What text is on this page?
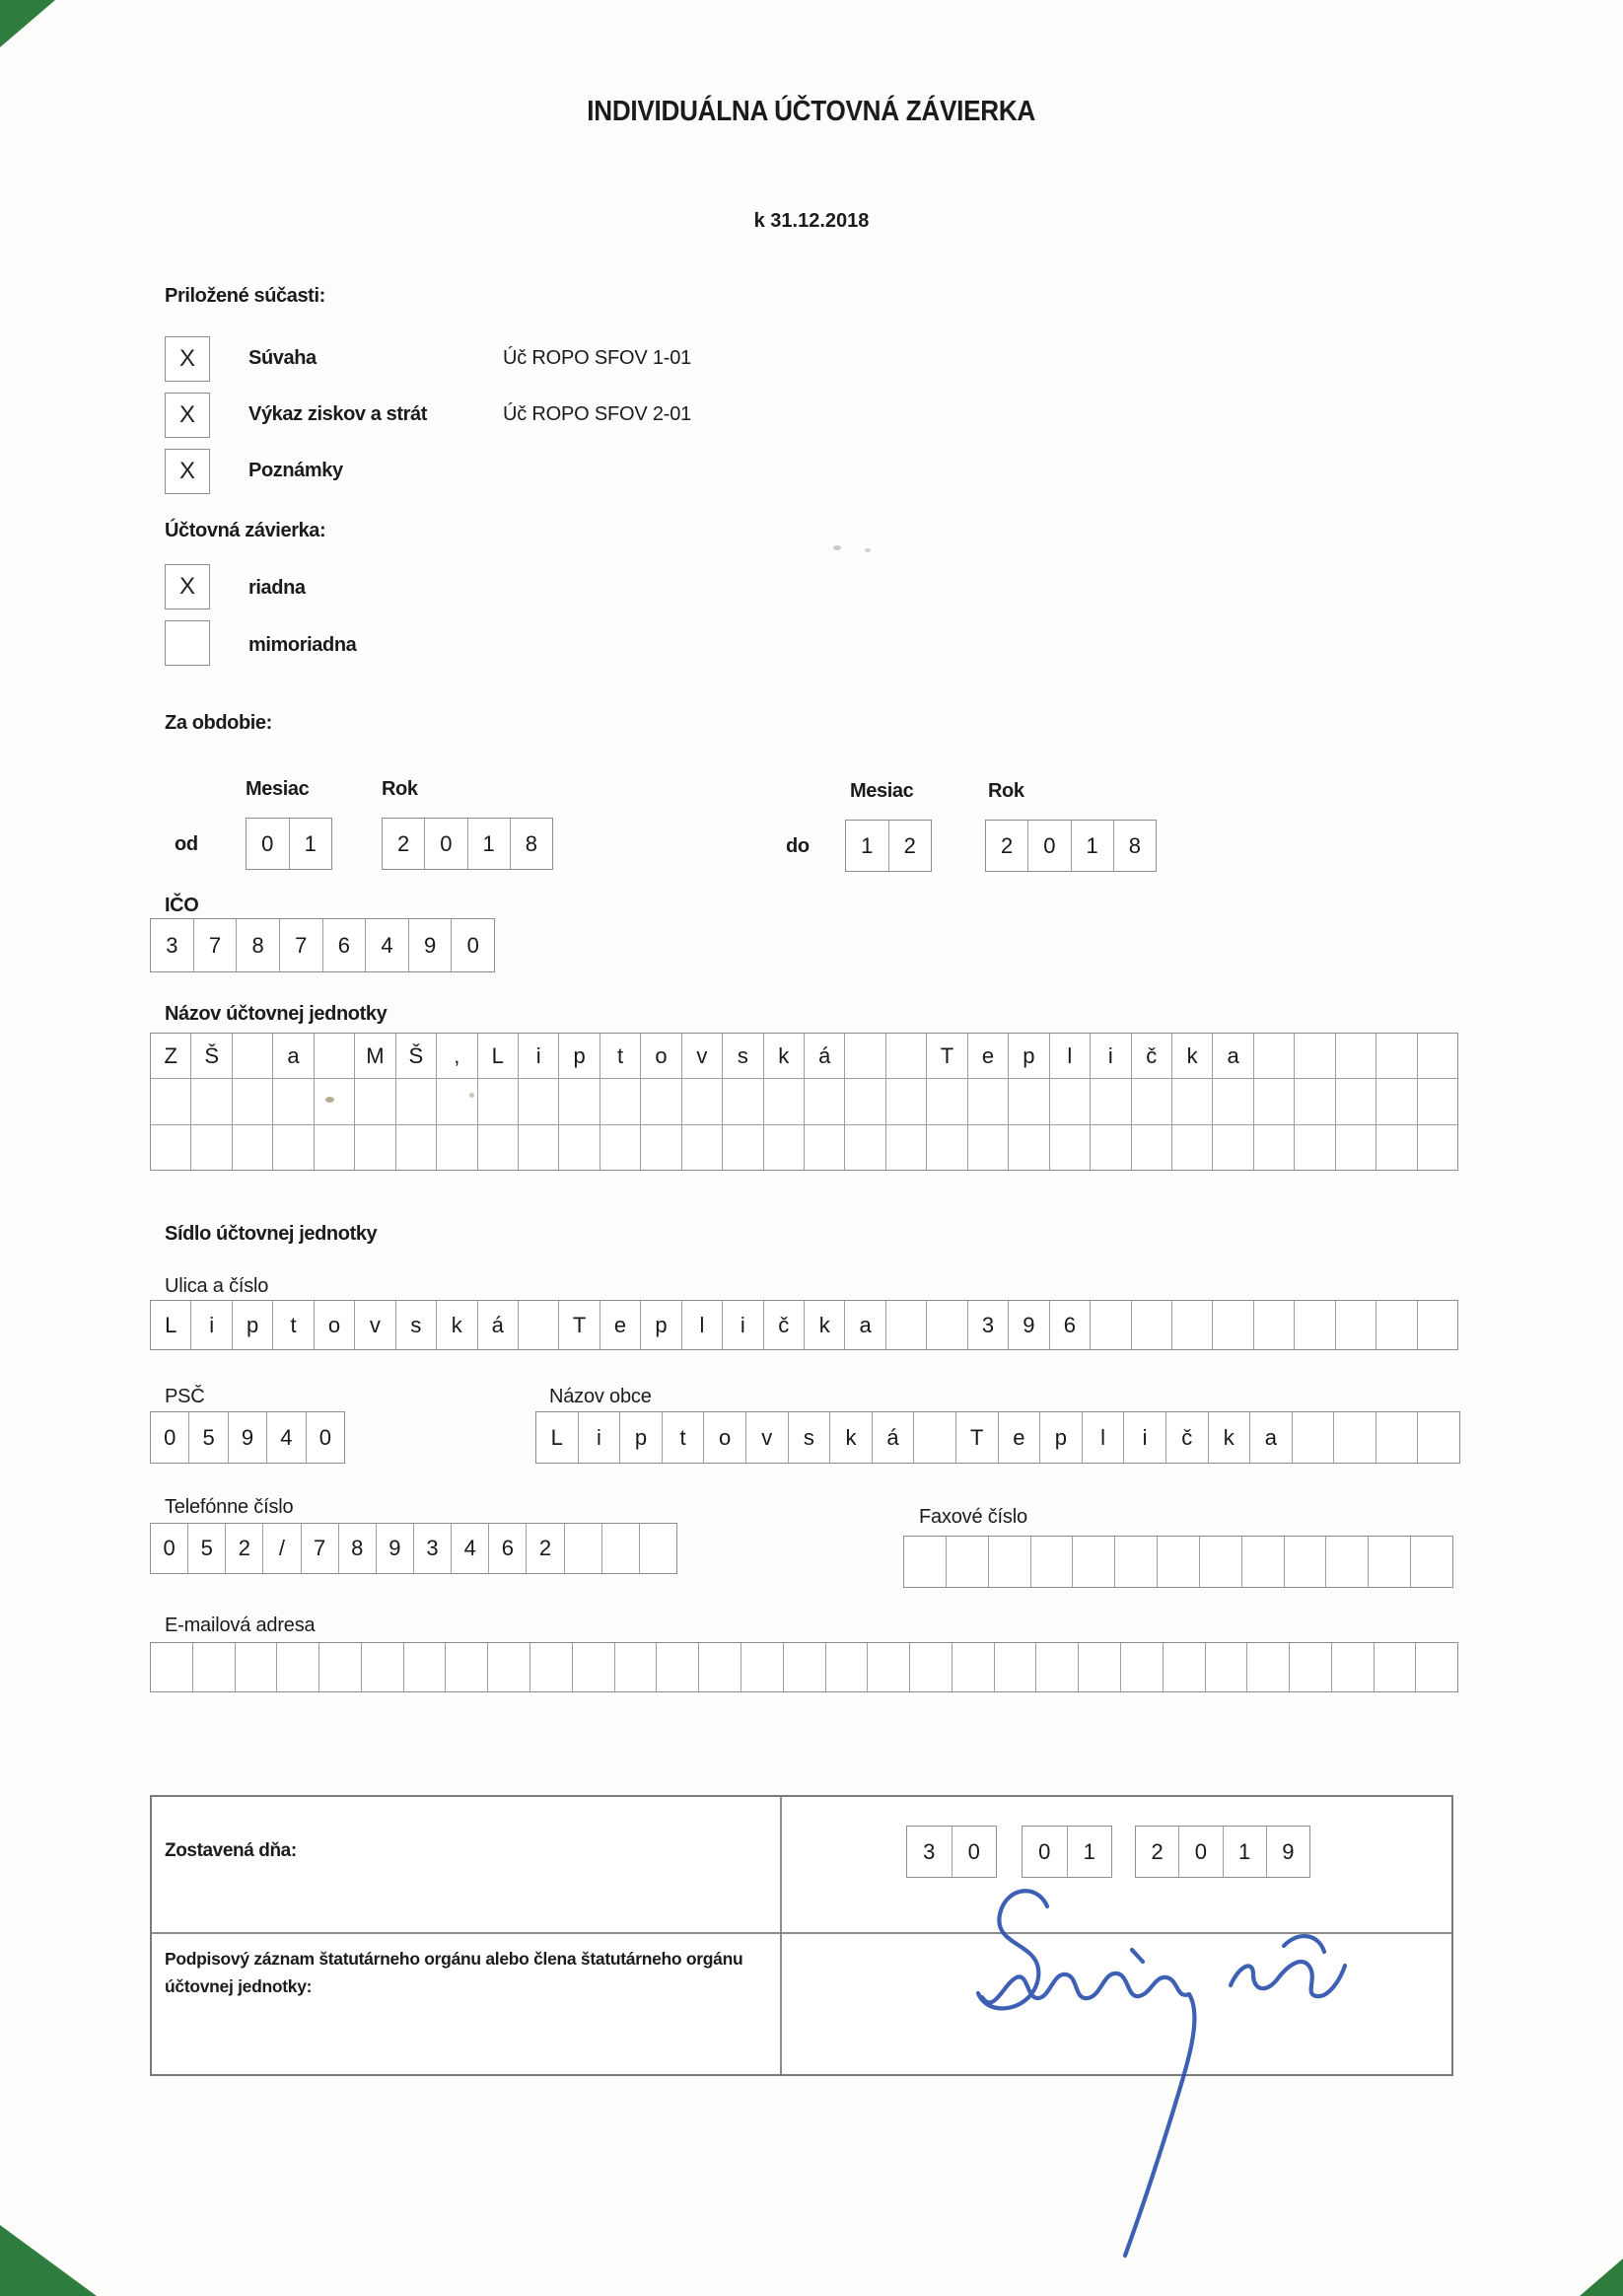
INDIVIDUÁLNA ÚČTOVNÁ ZÁVIERKA
k 31.12.2018
Priložené súčasti:
X	Súvaha	Úč ROPO SFOV 1-01
X	Výkaz ziskov a strát	Úč ROPO SFOV 2-01
X	Poznámky
Účtovná závierka:
X	riadna
mimoriadna
Za obdobie:
Mesiac	Rok
od	0	1	2	0	1	8
Mesiac	Rok
do	1	2	2	0	1	8
IČO
3	7	8	7	6	4	9	0
Názov účtovnej jednotky
Z	Š	a	M	Š	,	L	i	p	t	o	v	s	k	á	T	e	p	l	i	č	k	a
Sídlo účtovnej jednotky
Ulica a číslo
L	i	p	t	o	v	s	k	á	T	e	p	l	i	č	k	a	3	9	6
PSČ
0	5	9	4	0
Názov obce
L	i	p	t	o	v	s	k	á	T	e	p	l	i	č	k	a
Telefónne číslo
0	5	2	/	7	8	9	3	4	6	2
Faxové číslo
E-mailová adresa
Zostavená dňa:	3	0	0	1	2	0	1	9
Podpisový záznam štatutárneho orgánu alebo člena štatutárneho orgánu
účtovnej jednotky:
